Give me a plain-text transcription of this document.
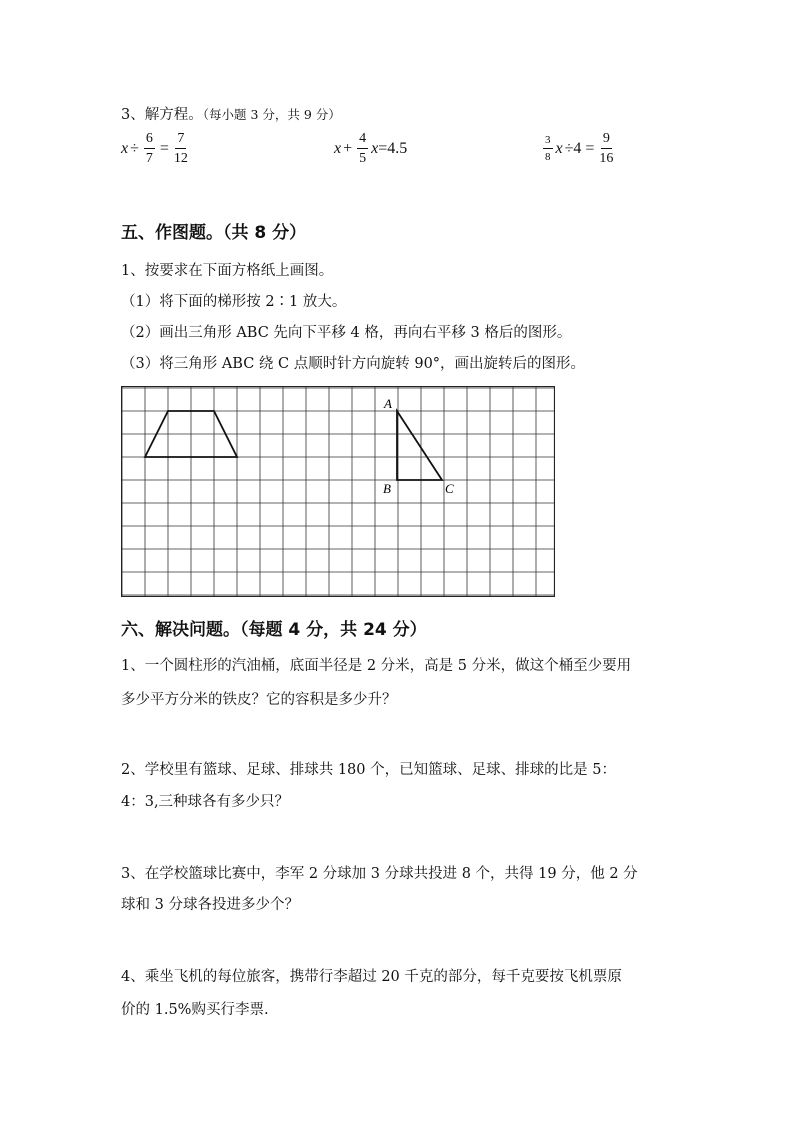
3、解方程。（每小题 3 分，共 9 分）
$x \div \frac{6}{7} = \frac{7}{12}$	$x + \frac{4}{5}$ x =4.5	$\frac{3}{8}$ $x \div 4 = \frac{9}{16}$
五、作图题。（共 8 分）
1、按要求在下面方格纸上画图。
（1）将下面的梯形按 2∶1 放大。
（2）画出三角形 ABC 先向下平移 4 格，再向右平移 3 格后的图形。
（3）将三角形 ABC 绕 C 点顺时针方向旋转 90°，画出旋转后的图形。
A
B	C
六、解决问题。（每题 4 分，共 24 分）
1、一个圆柱形的汽油桶，底面半径是 2 分米，高是 5 分米，做这个桶至少要用
多少平方分米的铁皮？它的容积是多少升？
2、学校里有篮球、足球、排球共 180 个，已知篮球、足球、排球的比是 5：
4：3,三种球各有多少只？
3、在学校篮球比赛中，李军 2 分球加 3 分球共投进 8 个，共得 19 分，他 2 分
球和 3 分球各投进多少个？
4、乘坐飞机的每位旅客，携带行李超过 20 千克的部分，每千克要按飞机票原
价的 1.5%购买行李票.
